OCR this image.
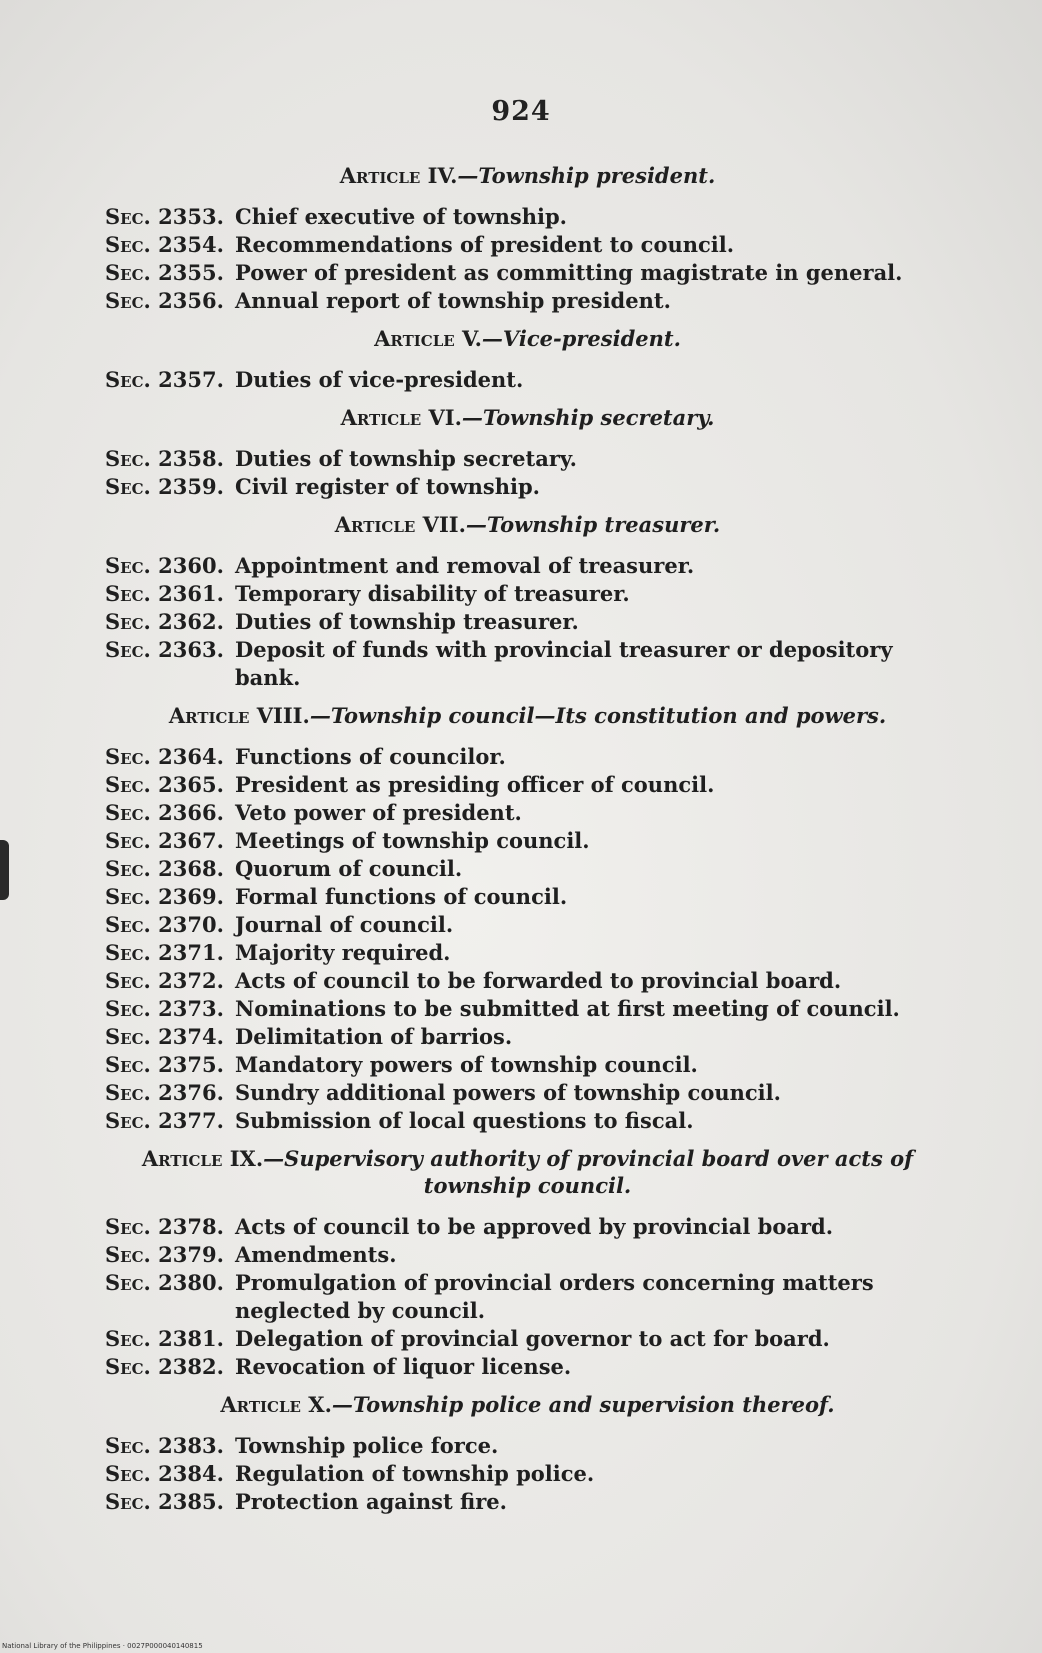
924
Article IV.—Township president.
Sec. 2353. Chief executive of township.
Sec. 2354. Recommendations of president to council.
Sec. 2355. Power of president as committing magistrate in general.
Sec. 2356. Annual report of township president.
Article V.—Vice-president.
Sec. 2357. Duties of vice-president.
Article VI.—Township secretary.
Sec. 2358. Duties of township secretary.
Sec. 2359. Civil register of township.
Article VII.—Township treasurer.
Sec. 2360. Appointment and removal of treasurer.
Sec. 2361. Temporary disability of treasurer.
Sec. 2362. Duties of township treasurer.
Sec. 2363. Deposit of funds with provincial treasurer or depository bank.
Article VIII.—Township council—Its constitution and powers.
Sec. 2364. Functions of councilor.
Sec. 2365. President as presiding officer of council.
Sec. 2366. Veto power of president.
Sec. 2367. Meetings of township council.
Sec. 2368. Quorum of council.
Sec. 2369. Formal functions of council.
Sec. 2370. Journal of council.
Sec. 2371. Majority required.
Sec. 2372. Acts of council to be forwarded to provincial board.
Sec. 2373. Nominations to be submitted at first meeting of council.
Sec. 2374. Delimitation of barrios.
Sec. 2375. Mandatory powers of township council.
Sec. 2376. Sundry additional powers of township council.
Sec. 2377. Submission of local questions to fiscal.
Article IX.—Supervisory authority of provincial board over acts of township council.
Sec. 2378. Acts of council to be approved by provincial board.
Sec. 2379. Amendments.
Sec. 2380. Promulgation of provincial orders concerning matters neglected by council.
Sec. 2381. Delegation of provincial governor to act for board.
Sec. 2382. Revocation of liquor license.
Article X.—Township police and supervision thereof.
Sec. 2383. Township police force.
Sec. 2384. Regulation of township police.
Sec. 2385. Protection against fire.
National Library of the Philippines · 0027P000040140815
